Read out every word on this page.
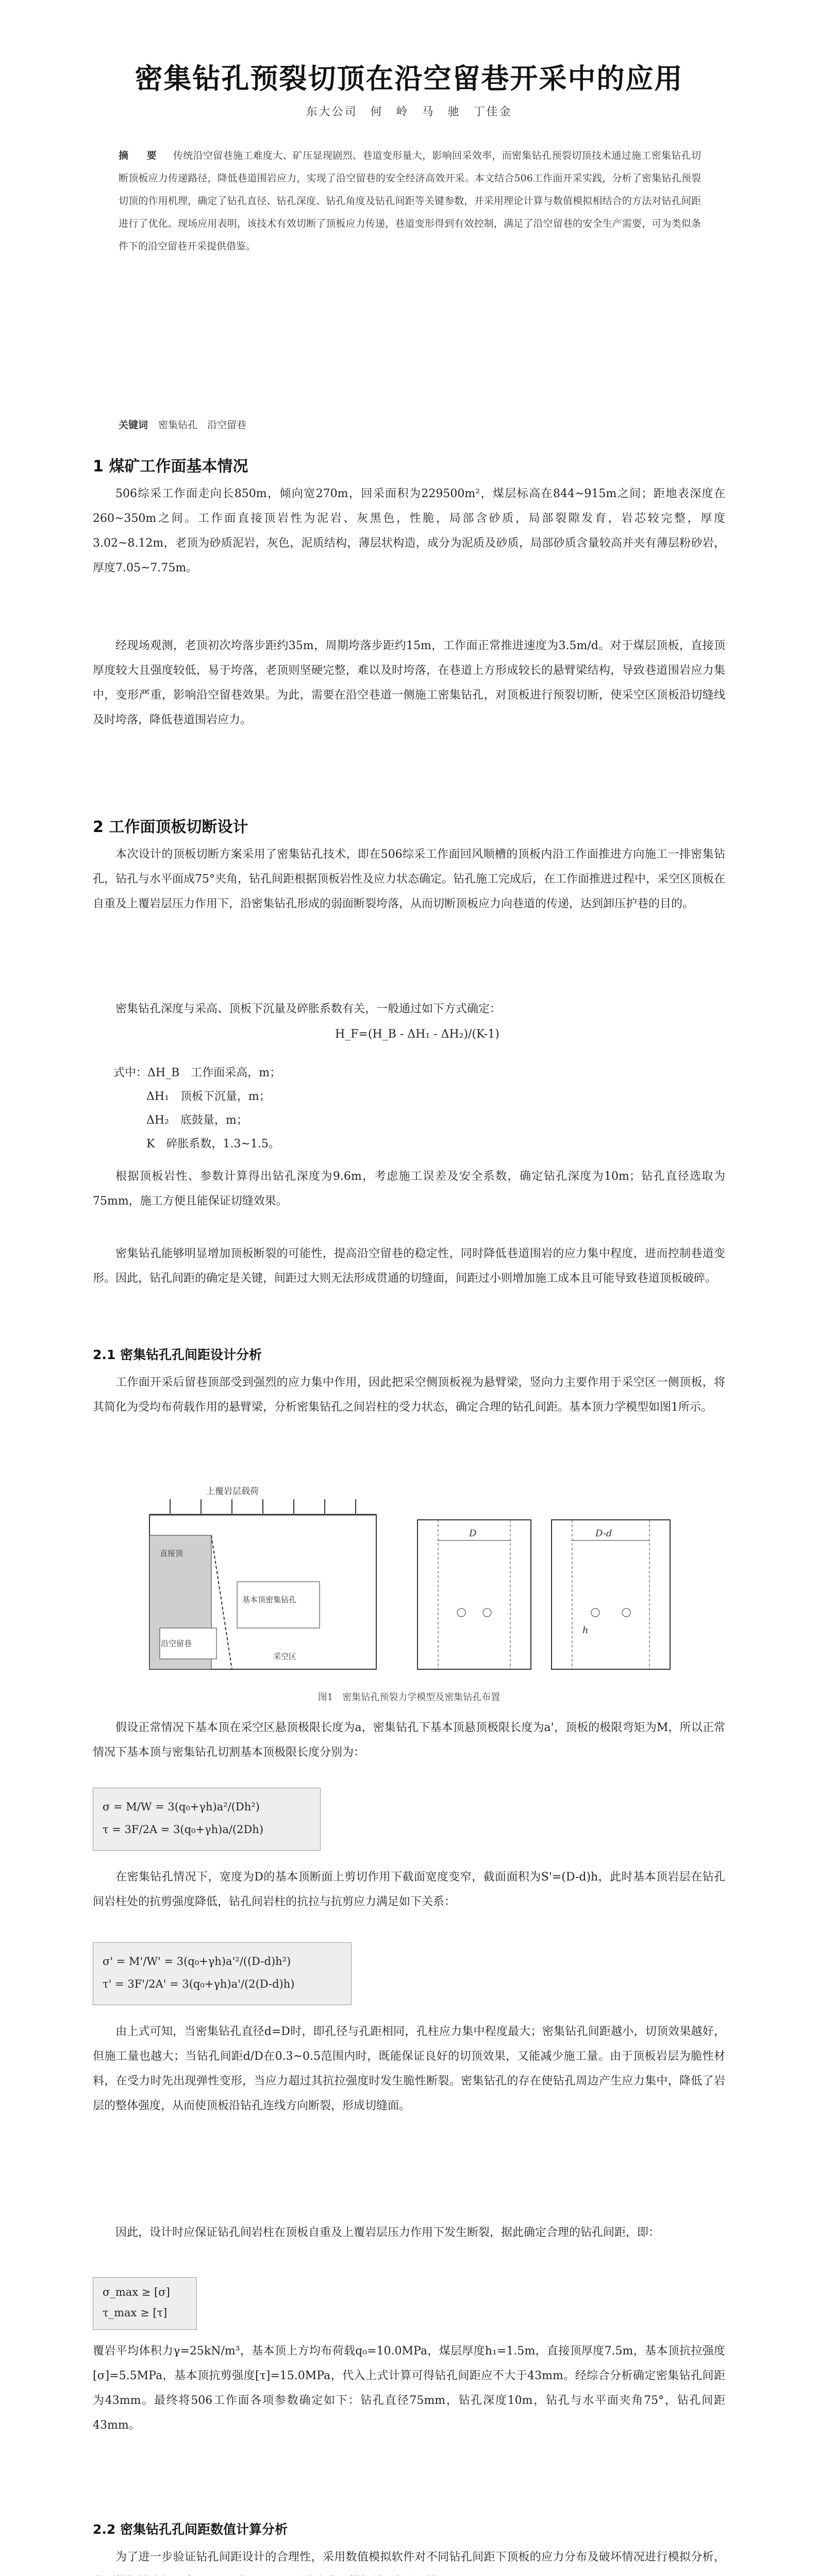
密集钻孔预裂切顶在沿空留巷开采中的应用
东大公司　何　岭　马　驰　丁佳金
摘　要 传统沿空留巷施工难度大、矿压显现剧烈、巷道变形量大，影响回采效率，而密集钻孔预裂切顶技术通过施工密集钻孔切断顶板应力传递路径，降低巷道围岩应力，实现了沿空留巷的安全经济高效开采。本文结合506工作面开采实践，分析了密集钻孔预裂切顶的作用机理，确定了钻孔直径、钻孔深度、钻孔角度及钻孔间距等关键参数，并采用理论计算与数值模拟相结合的方法对钻孔间距进行了优化。现场应用表明，该技术有效切断了顶板应力传递，巷道变形得到有效控制，满足了沿空留巷的安全生产需要，可为类似条件下的沿空留巷开采提供借鉴。
关键词 密集钻孔　沿空留巷
1 煤矿工作面基本情况
506综采工作面走向长850m，倾向宽270m，回采面积为229500m²，煤层标高在844~915m之间；距地表深度在260~350m之间。工作面直接顶岩性为泥岩、灰黑色，性脆，局部含砂质，局部裂隙发育，岩芯较完整，厚度3.02~8.12m，老顶为砂质泥岩，灰色，泥质结构，薄层状构造，成分为泥质及砂质，局部砂质含量较高并夹有薄层粉砂岩，厚度7.05~7.75m。
经现场观测，老顶初次垮落步距约35m，周期垮落步距约15m，工作面正常推进速度为3.5m/d。对于煤层顶板，直接顶厚度较大且强度较低，易于垮落，老顶则坚硬完整，难以及时垮落，在巷道上方形成较长的悬臂梁结构，导致巷道围岩应力集中，变形严重，影响沿空留巷效果。为此，需要在沿空巷道一侧施工密集钻孔，对顶板进行预裂切断，使采空区顶板沿切缝线及时垮落，降低巷道围岩应力。
2 工作面顶板切断设计
本次设计的顶板切断方案采用了密集钻孔技术，即在506综采工作面回风顺槽的顶板内沿工作面推进方向施工一排密集钻孔，钻孔与水平面成75°夹角，钻孔间距根据顶板岩性及应力状态确定。钻孔施工完成后，在工作面推进过程中，采空区顶板在自重及上覆岩层压力作用下，沿密集钻孔形成的弱面断裂垮落，从而切断顶板应力向巷道的传递，达到卸压护巷的目的。
密集钻孔深度与采高、顶板下沉量及碎胀系数有关，一般通过如下方式确定：
H_F=(H_B - ΔH₁ - ΔH₂)/(K-1)
式中：ΔH_B　工作面采高，m；
ΔH₁　顶板下沉量，m；
ΔH₂　底鼓量，m；
K　碎胀系数，1.3~1.5。
根据顶板岩性、参数计算得出钻孔深度为9.6m，考虑施工误差及安全系数，确定钻孔深度为10m；钻孔直径选取为75mm，施工方便且能保证切缝效果。
密集钻孔能够明显增加顶板断裂的可能性，提高沿空留巷的稳定性，同时降低巷道围岩的应力集中程度，进而控制巷道变形。因此，钻孔间距的确定是关键，间距过大则无法形成贯通的切缝面，间距过小则增加施工成本且可能导致巷道顶板破碎。
2.1 密集钻孔孔间距设计分析
工作面开采后留巷顶部受到强烈的应力集中作用，因此把采空侧顶板视为悬臂梁，竖向力主要作用于采空区一侧顶板，将其简化为受均布荷载作用的悬臂梁，分析密集钻孔之间岩柱的受力状态，确定合理的钻孔间距。基本顶力学模型如图1所示。
上覆岩层载荷
沿空留巷
基本顶密集钻孔
直接顶
采空区
D	D-d
h
图1　密集钻孔预裂力学模型及密集钻孔布置
假设正常情况下基本顶在采空区悬顶极限长度为a，密集钻孔下基本顶悬顶极限长度为a'，顶板的极限弯矩为M，所以正常情况下基本顶与密集钻孔切割基本顶极限长度分别为：
σ = M/W = 3(q₀+γh)a²/(Dh²)
τ = 3F/2A = 3(q₀+γh)a/(2Dh)
在密集钻孔情况下，宽度为D的基本顶断面上剪切作用下截面宽度变窄，截面面积为S'=(D-d)h，此时基本顶岩层在钻孔间岩柱处的抗剪强度降低，钻孔间岩柱的抗拉与抗剪应力满足如下关系：
σ' = M'/W' = 3(q₀+γh)a'²/((D-d)h²)
τ' = 3F'/2A' = 3(q₀+γh)a'/(2(D-d)h)
由上式可知，当密集钻孔直径d=D时，即孔径与孔距相同，孔柱应力集中程度最大；密集钻孔间距越小，切顶效果越好，但施工量也越大；当钻孔间距d/D在0.3~0.5范围内时，既能保证良好的切顶效果，又能减少施工量。由于顶板岩层为脆性材料，在受力时先出现弹性变形，当应力超过其抗拉强度时发生脆性断裂。密集钻孔的存在使钻孔周边产生应力集中，降低了岩层的整体强度，从而使顶板沿钻孔连线方向断裂，形成切缝面。
因此，设计时应保证钻孔间岩柱在顶板自重及上覆岩层压力作用下发生断裂，据此确定合理的钻孔间距，即：
σ_max ≥ [σ]
τ_max ≥ [τ]
覆岩平均体积力γ=25kN/m³，基本顶上方均布荷载q₀=10.0MPa，煤层厚度h₁=1.5m，直接顶厚度7.5m，基本顶抗拉强度[σ]=5.5MPa，基本顶抗剪强度[τ]=15.0MPa，代入上式计算可得钻孔间距应不大于43mm。经综合分析确定密集钻孔间距为43mm。最终将506工作面各项参数确定如下：钻孔直径75mm，钻孔深度10m，钻孔与水平面夹角75°，钻孔间距43mm。
2.2 密集钻孔孔间距数值计算分析
为了进一步验证钻孔间距设计的合理性，采用数值模拟软件对不同钻孔间距下顶板的应力分布及破坏情况进行模拟分析，
